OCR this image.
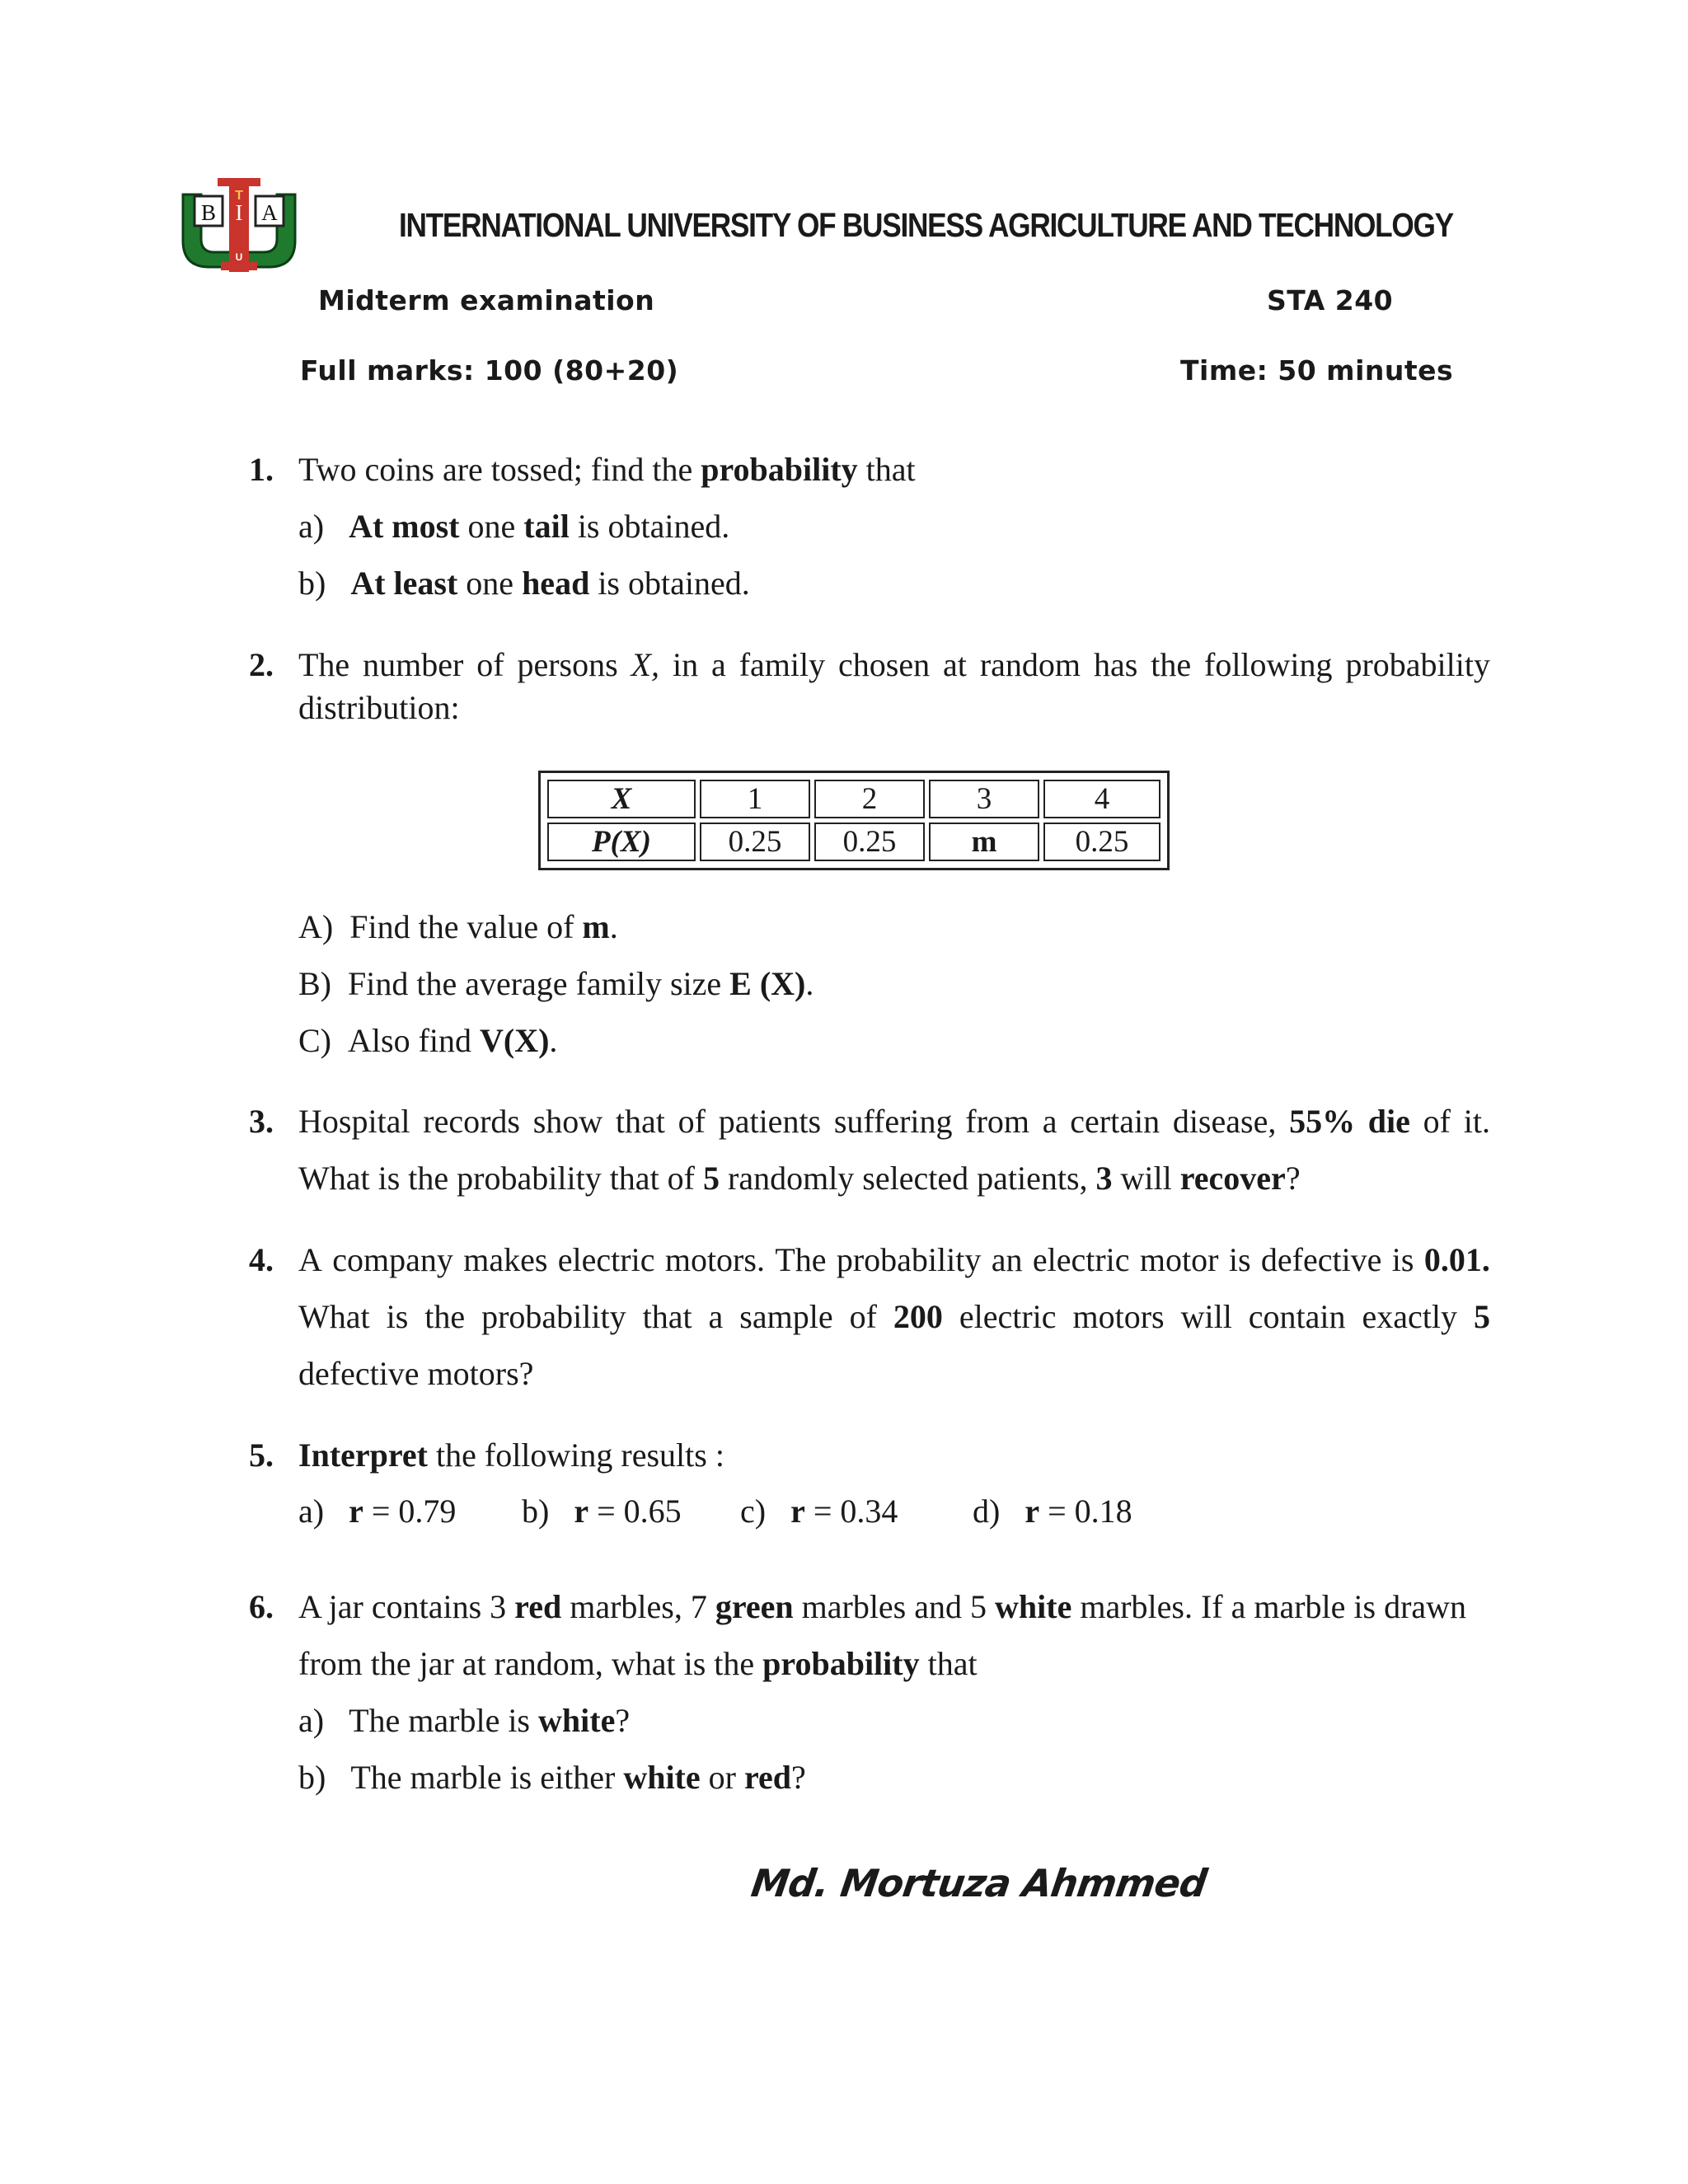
B I A
T
U
INTERNATIONAL UNIVERSITY OF BUSINESS AGRICULTURE AND TECHNOLOGY
Midterm examination	STA 240
Full marks: 100 (80+20)	Time: 50 minutes
1. Two coins are tossed; find the probability that
a) At most one tail is obtained.
b) At least one head is obtained.
2. The number of persons X, in a family chosen at random has the following probability
distribution:
X	1	2	3	4
P(X)	0.25	0.25	m	0.25
A) Find the value of m.
B) Find the average family size E (X).
C) Also find V(X).
3. Hospital records show that of patients suffering from a certain disease, 55% die of it.
What is the probability that of 5 randomly selected patients, 3 will recover?
4. A company makes electric motors. The probability an electric motor is defective is 0.01.
What is the probability that a sample of 200 electric motors will contain exactly 5
defective motors?
5. Interpret the following results :
a) r = 0.79 b) r = 0.65 c) r = 0.34 d) r = 0.18
6. A jar contains 3 red marbles, 7 green marbles and 5 white marbles. If a marble is drawn
from the jar at random, what is the probability that
a) The marble is white?
b) The marble is either white or red?
Md. Mortuza Ahmmed
